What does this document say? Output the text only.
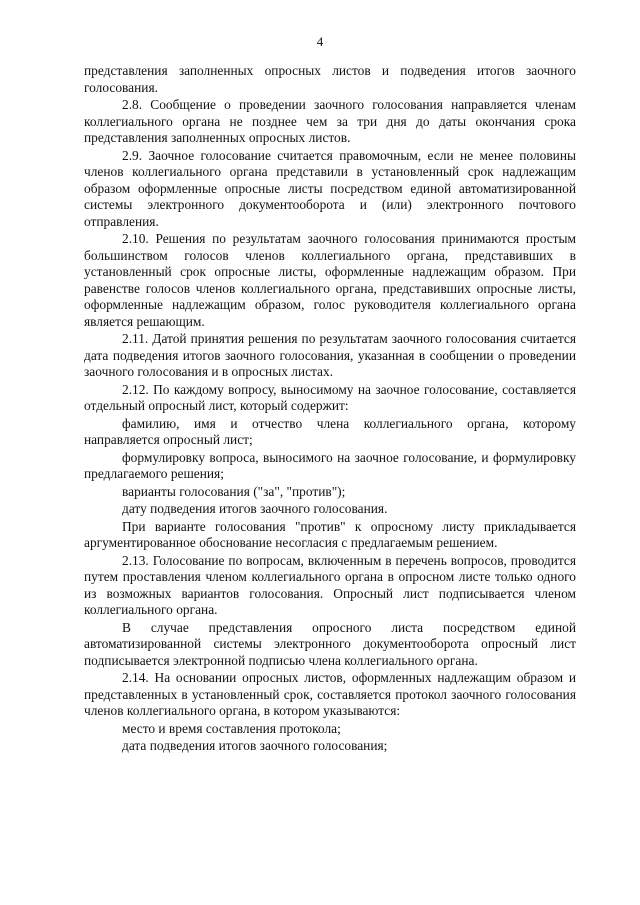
4

представления заполненных опросных листов и подведения итогов заочного голосования.

2.8. Сообщение о проведении заочного голосования направляется членам коллегиального органа не позднее чем за три дня до даты окончания срока представления заполненных опросных листов.

2.9. Заочное голосование считается правомочным, если не менее половины членов коллегиального органа представили в установленный срок надлежащим образом оформленные опросные листы посредством единой автоматизированной системы электронного документооборота и (или) электронного почтового отправления.

2.10. Решения по результатам заочного голосования принимаются простым большинством голосов членов коллегиального органа, представивших в установленный срок опросные листы, оформленные надлежащим образом. При равенстве голосов членов коллегиального органа, представивших опросные листы, оформленные надлежащим образом, голос руководителя коллегиального органа является решающим.

2.11. Датой принятия решения по результатам заочного голосования считается дата подведения итогов заочного голосования, указанная в сообщении о проведении заочного голосования и в опросных листах.

2.12. По каждому вопросу, выносимому на заочное голосование, составляется отдельный опросный лист, который содержит:

фамилию, имя и отчество члена коллегиального органа, которому направляется опросный лист;

формулировку вопроса, выносимого на заочное голосование, и формулировку предлагаемого решения;

варианты голосования ("за", "против");

дату подведения итогов заочного голосования.

При варианте голосования "против" к опросному листу прикладывается аргументированное обоснование несогласия с предлагаемым решением.

2.13. Голосование по вопросам, включенным в перечень вопросов, проводится путем проставления членом коллегиального органа в опросном листе только одного из возможных вариантов голосования. Опросный лист подписывается членом коллегиального органа.

В случае представления опросного листа посредством единой автоматизированной системы электронного документооборота опросный лист подписывается электронной подписью члена коллегиального органа.

2.14. На основании опросных листов, оформленных надлежащим образом и представленных в установленный срок, составляется протокол заочного голосования членов коллегиального органа, в котором указываются:

место и время составления протокола;

дата подведения итогов заочного голосования;
